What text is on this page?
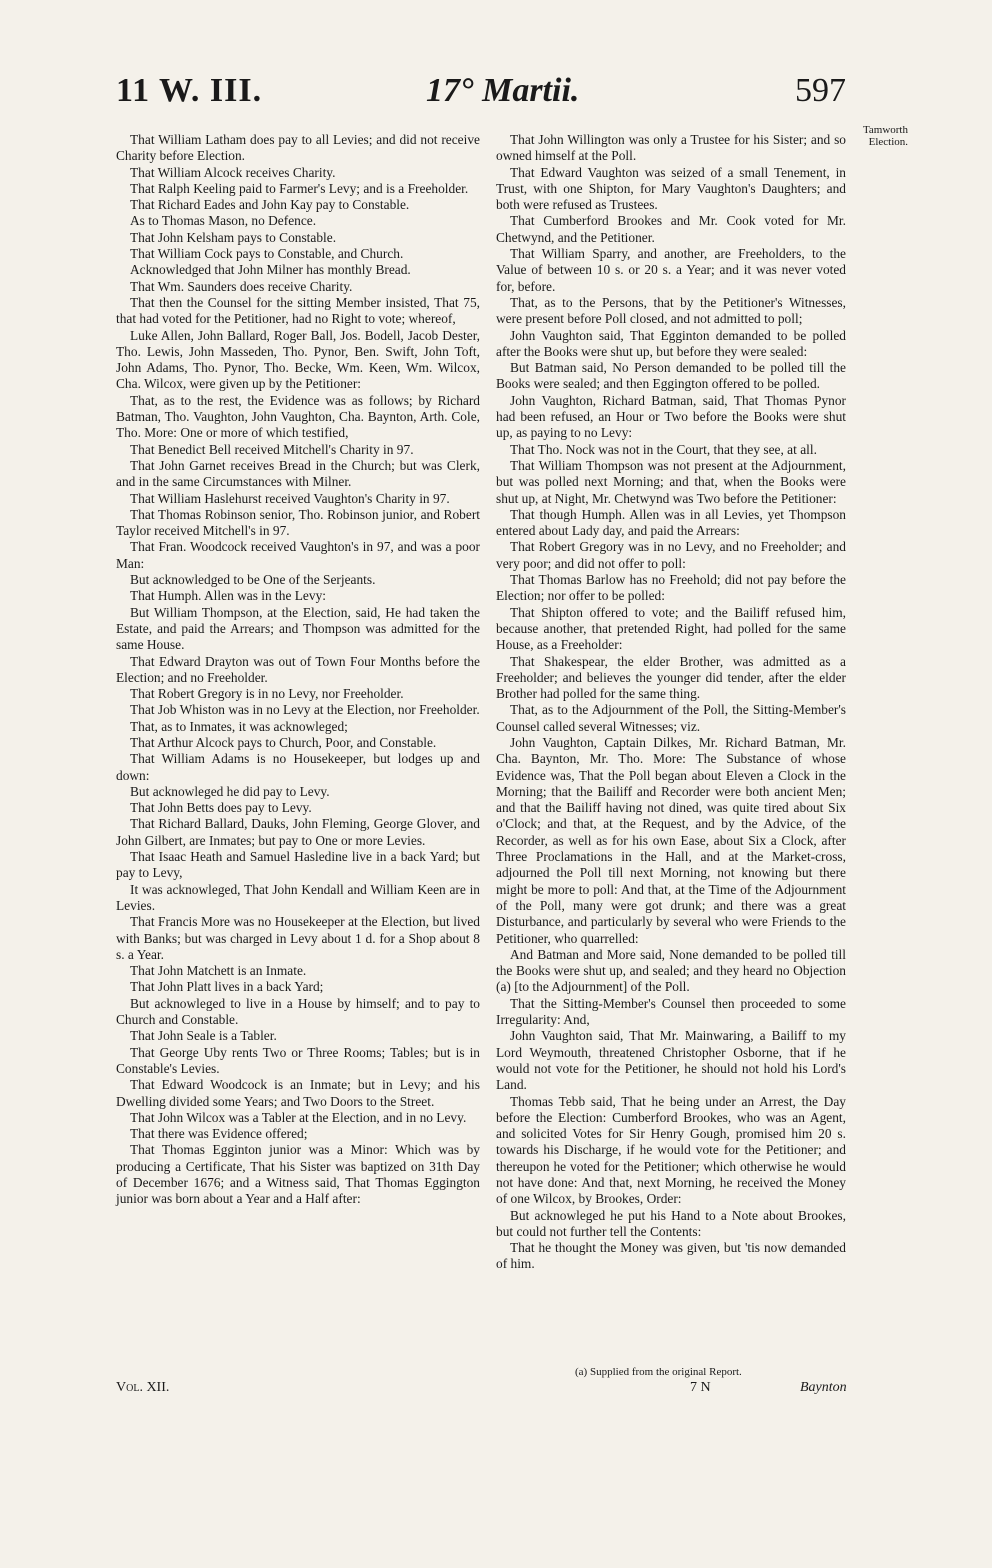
11 W. III.	17° Martii.	597
Tamworth Election.

That William Latham does pay to all Levies; and did not receive Charity before Election.

That William Alcock receives Charity.

That Ralph Keeling paid to Farmer's Levy; and is a Freeholder.

That Richard Eades and John Kay pay to Constable.

As to Thomas Mason, no Defence.

That John Kelsham pays to Constable.

That William Cock pays to Constable, and Church.

Acknowledged that John Milner has monthly Bread.

That Wm. Saunders does receive Charity.

That then the Counsel for the sitting Member insisted, That 75, that had voted for the Petitioner, had no Right to vote; whereof,

Luke Allen, John Ballard, Roger Ball, Jos. Bodell, Jacob Dester, Tho. Lewis, John Masseden, Tho. Pynor, Ben. Swift, John Toft, John Adams, Tho. Pynor, Tho. Becke, Wm. Keen, Wm. Wilcox, Cha. Wilcox, were given up by the Petitioner:

That, as to the rest, the Evidence was as follows; by Richard Batman, Tho. Vaughton, John Vaughton, Cha. Baynton, Arth. Cole, Tho. More: One or more of which testified,

That Benedict Bell received Mitchell's Charity in 97.

That John Garnet receives Bread in the Church; but was Clerk, and in the same Circumstances with Milner.

That William Haslehurst received Vaughton's Charity in 97.

That Thomas Robinson senior, Tho. Robinson junior, and Robert Taylor received Mitchell's in 97.

That Fran. Woodcock received Vaughton's in 97, and was a poor Man:

But acknowledged to be One of the Serjeants.

That Humph. Allen was in the Levy:

But William Thompson, at the Election, said, He had taken the Estate, and paid the Arrears; and Thompson was admitted for the same House.

That Edward Drayton was out of Town Four Months before the Election; and no Freeholder.

That Robert Gregory is in no Levy, nor Freeholder.

That Job Whiston was in no Levy at the Election, nor Freeholder.

That, as to Inmates, it was acknowleged;

That Arthur Alcock pays to Church, Poor, and Constable.

That William Adams is no Housekeeper, but lodges up and down:

But acknowleged he did pay to Levy.

That John Betts does pay to Levy.

That Richard Ballard, Dauks, John Fleming, George Glover, and John Gilbert, are Inmates; but pay to One or more Levies.

That Isaac Heath and Samuel Hasledine live in a back Yard; but pay to Levy,

It was acknowleged, That John Kendall and William Keen are in Levies.

That Francis More was no Housekeeper at the Election, but lived with Banks; but was charged in Levy about 1 d. for a Shop about 8 s. a Year.

That John Matchett is an Inmate.

That John Platt lives in a back Yard;

But acknowleged to live in a House by himself; and to pay to Church and Constable.

That John Seale is a Tabler.

That George Uby rents Two or Three Rooms; Tables; but is in Constable's Levies.

That Edward Woodcock is an Inmate; but in Levy; and his Dwelling divided some Years; and Two Doors to the Street.

That John Wilcox was a Tabler at the Election, and in no Levy.

That there was Evidence offered;

That Thomas Egginton junior was a Minor: Which was by producing a Certificate, That his Sister was baptized on 31th Day of December 1676; and a Witness said, That Thomas Eggington junior was born about a Year and a Half after:

That John Willington was only a Trustee for his Sister; and so owned himself at the Poll.

That Edward Vaughton was seized of a small Tenement, in Trust, with one Shipton, for Mary Vaughton's Daughters; and both were refused as Trustees.

That Cumberford Brookes and Mr. Cook voted for Mr. Chetwynd, and the Petitioner.

That William Sparry, and another, are Freeholders, to the Value of between 10 s. or 20 s. a Year; and it was never voted for, before.

That, as to the Persons, that by the Petitioner's Witnesses, were present before Poll closed, and not admitted to poll;

John Vaughton said, That Egginton demanded to be polled after the Books were shut up, but before they were sealed:

But Batman said, No Person demanded to be polled till the Books were sealed; and then Eggington offered to be polled.

John Vaughton, Richard Batman, said, That Thomas Pynor had been refused, an Hour or Two before the Books were shut up, as paying to no Levy:

That Tho. Nock was not in the Court, that they see, at all.

That William Thompson was not present at the Adjournment, but was polled next Morning; and that, when the Books were shut up, at Night, Mr. Chetwynd was Two before the Petitioner:

That though Humph. Allen was in all Levies, yet Thompson entered about Lady day, and paid the Arrears:

That Robert Gregory was in no Levy, and no Freeholder; and very poor; and did not offer to poll:

That Thomas Barlow has no Freehold; did not pay before the Election; nor offer to be polled:

That Shipton offered to vote; and the Bailiff refused him, because another, that pretended Right, had polled for the same House, as a Freeholder:

That Shakespear, the elder Brother, was admitted as a Freeholder; and believes the younger did tender, after the elder Brother had polled for the same thing.

That, as to the Adjournment of the Poll, the Sitting-Member's Counsel called several Witnesses; viz.

John Vaughton, Captain Dilkes, Mr. Richard Batman, Mr. Cha. Baynton, Mr. Tho. More: The Substance of whose Evidence was, That the Poll began about Eleven a Clock in the Morning; that the Bailiff and Recorder were both ancient Men; and that the Bailiff having not dined, was quite tired about Six o'Clock; and that, at the Request, and by the Advice, of the Recorder, as well as for his own Ease, about Six a Clock, after Three Proclamations in the Hall, and at the Market-cross, adjourned the Poll till next Morning, not knowing but there might be more to poll: And that, at the Time of the Adjournment of the Poll, many were got drunk; and there was a great Disturbance, and particularly by several who were Friends to the Petitioner, who quarrelled:

And Batman and More said, None demanded to be polled till the Books were shut up, and sealed; and they heard no Objection (a) [to the Adjournment] of the Poll.

That the Sitting-Member's Counsel then proceeded to some Irregularity: And,

John Vaughton said, That Mr. Mainwaring, a Bailiff to my Lord Weymouth, threatened Christopher Osborne, that if he would not vote for the Petitioner, he should not hold his Lord's Land.

Thomas Tebb said, That he being under an Arrest, the Day before the Election: Cumberford Brookes, who was an Agent, and solicited Votes for Sir Henry Gough, promised him 20 s. towards his Discharge, if he would vote for the Petitioner; and thereupon he voted for the Petitioner; which otherwise he would not have done: And that, next Morning, he received the Money of one Wilcox, by Brookes, Order:

But acknowleged he put his Hand to a Note about Brookes, but could not further tell the Contents:

That he thought the Money was given, but 'tis now demanded of him.

Vol. XII.
(a) Supplied from the original Report.
7 N	Baynton
